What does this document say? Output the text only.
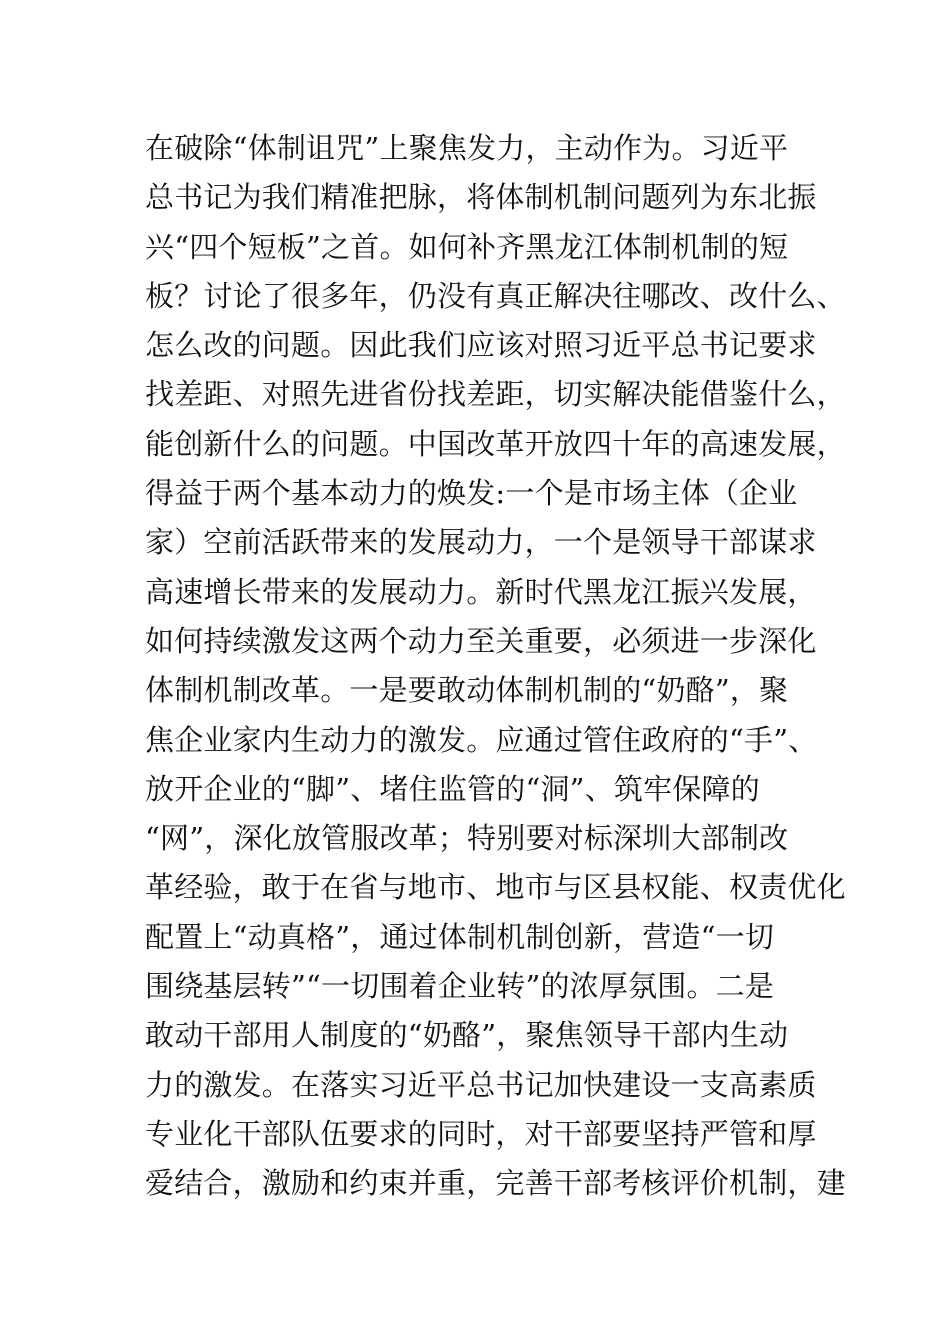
在破除“体制诅咒”上聚焦发力，主动作为。习近平
总书记为我们精准把脉，将体制机制问题列为东北振
兴“四个短板”之首。如何补齐黑龙江体制机制的短
板？讨论了很多年，仍没有真正解决往哪改、改什么、
怎么改的问题。因此我们应该对照习近平总书记要求
找差距、对照先进省份找差距，切实解决能借鉴什么，
能创新什么的问题。中国改革开放四十年的高速发展，
得益于两个基本动力的焕发:一个是市场主体（企业
家）空前活跃带来的发展动力，一个是领导干部谋求
高速增长带来的发展动力。新时代黑龙江振兴发展，
如何持续激发这两个动力至关重要，必须进一步深化
体制机制改革。一是要敢动体制机制的“奶酪”，聚
焦企业家内生动力的激发。应通过管住政府的“手”、
放开企业的“脚”、堵住监管的“洞”、筑牢保障的
“网”，深化放管服改革；特别要对标深圳大部制改
革经验，敢于在省与地市、地市与区县权能、权责优化
配置上“动真格”，通过体制机制创新，营造“一切
围绕基层转”“一切围着企业转”的浓厚氛围。二是
敢动干部用人制度的“奶酪”，聚焦领导干部内生动
力的激发。在落实习近平总书记加快建设一支高素质
专业化干部队伍要求的同时，对干部要坚持严管和厚
爱结合，激励和约束并重，完善干部考核评价机制，建
